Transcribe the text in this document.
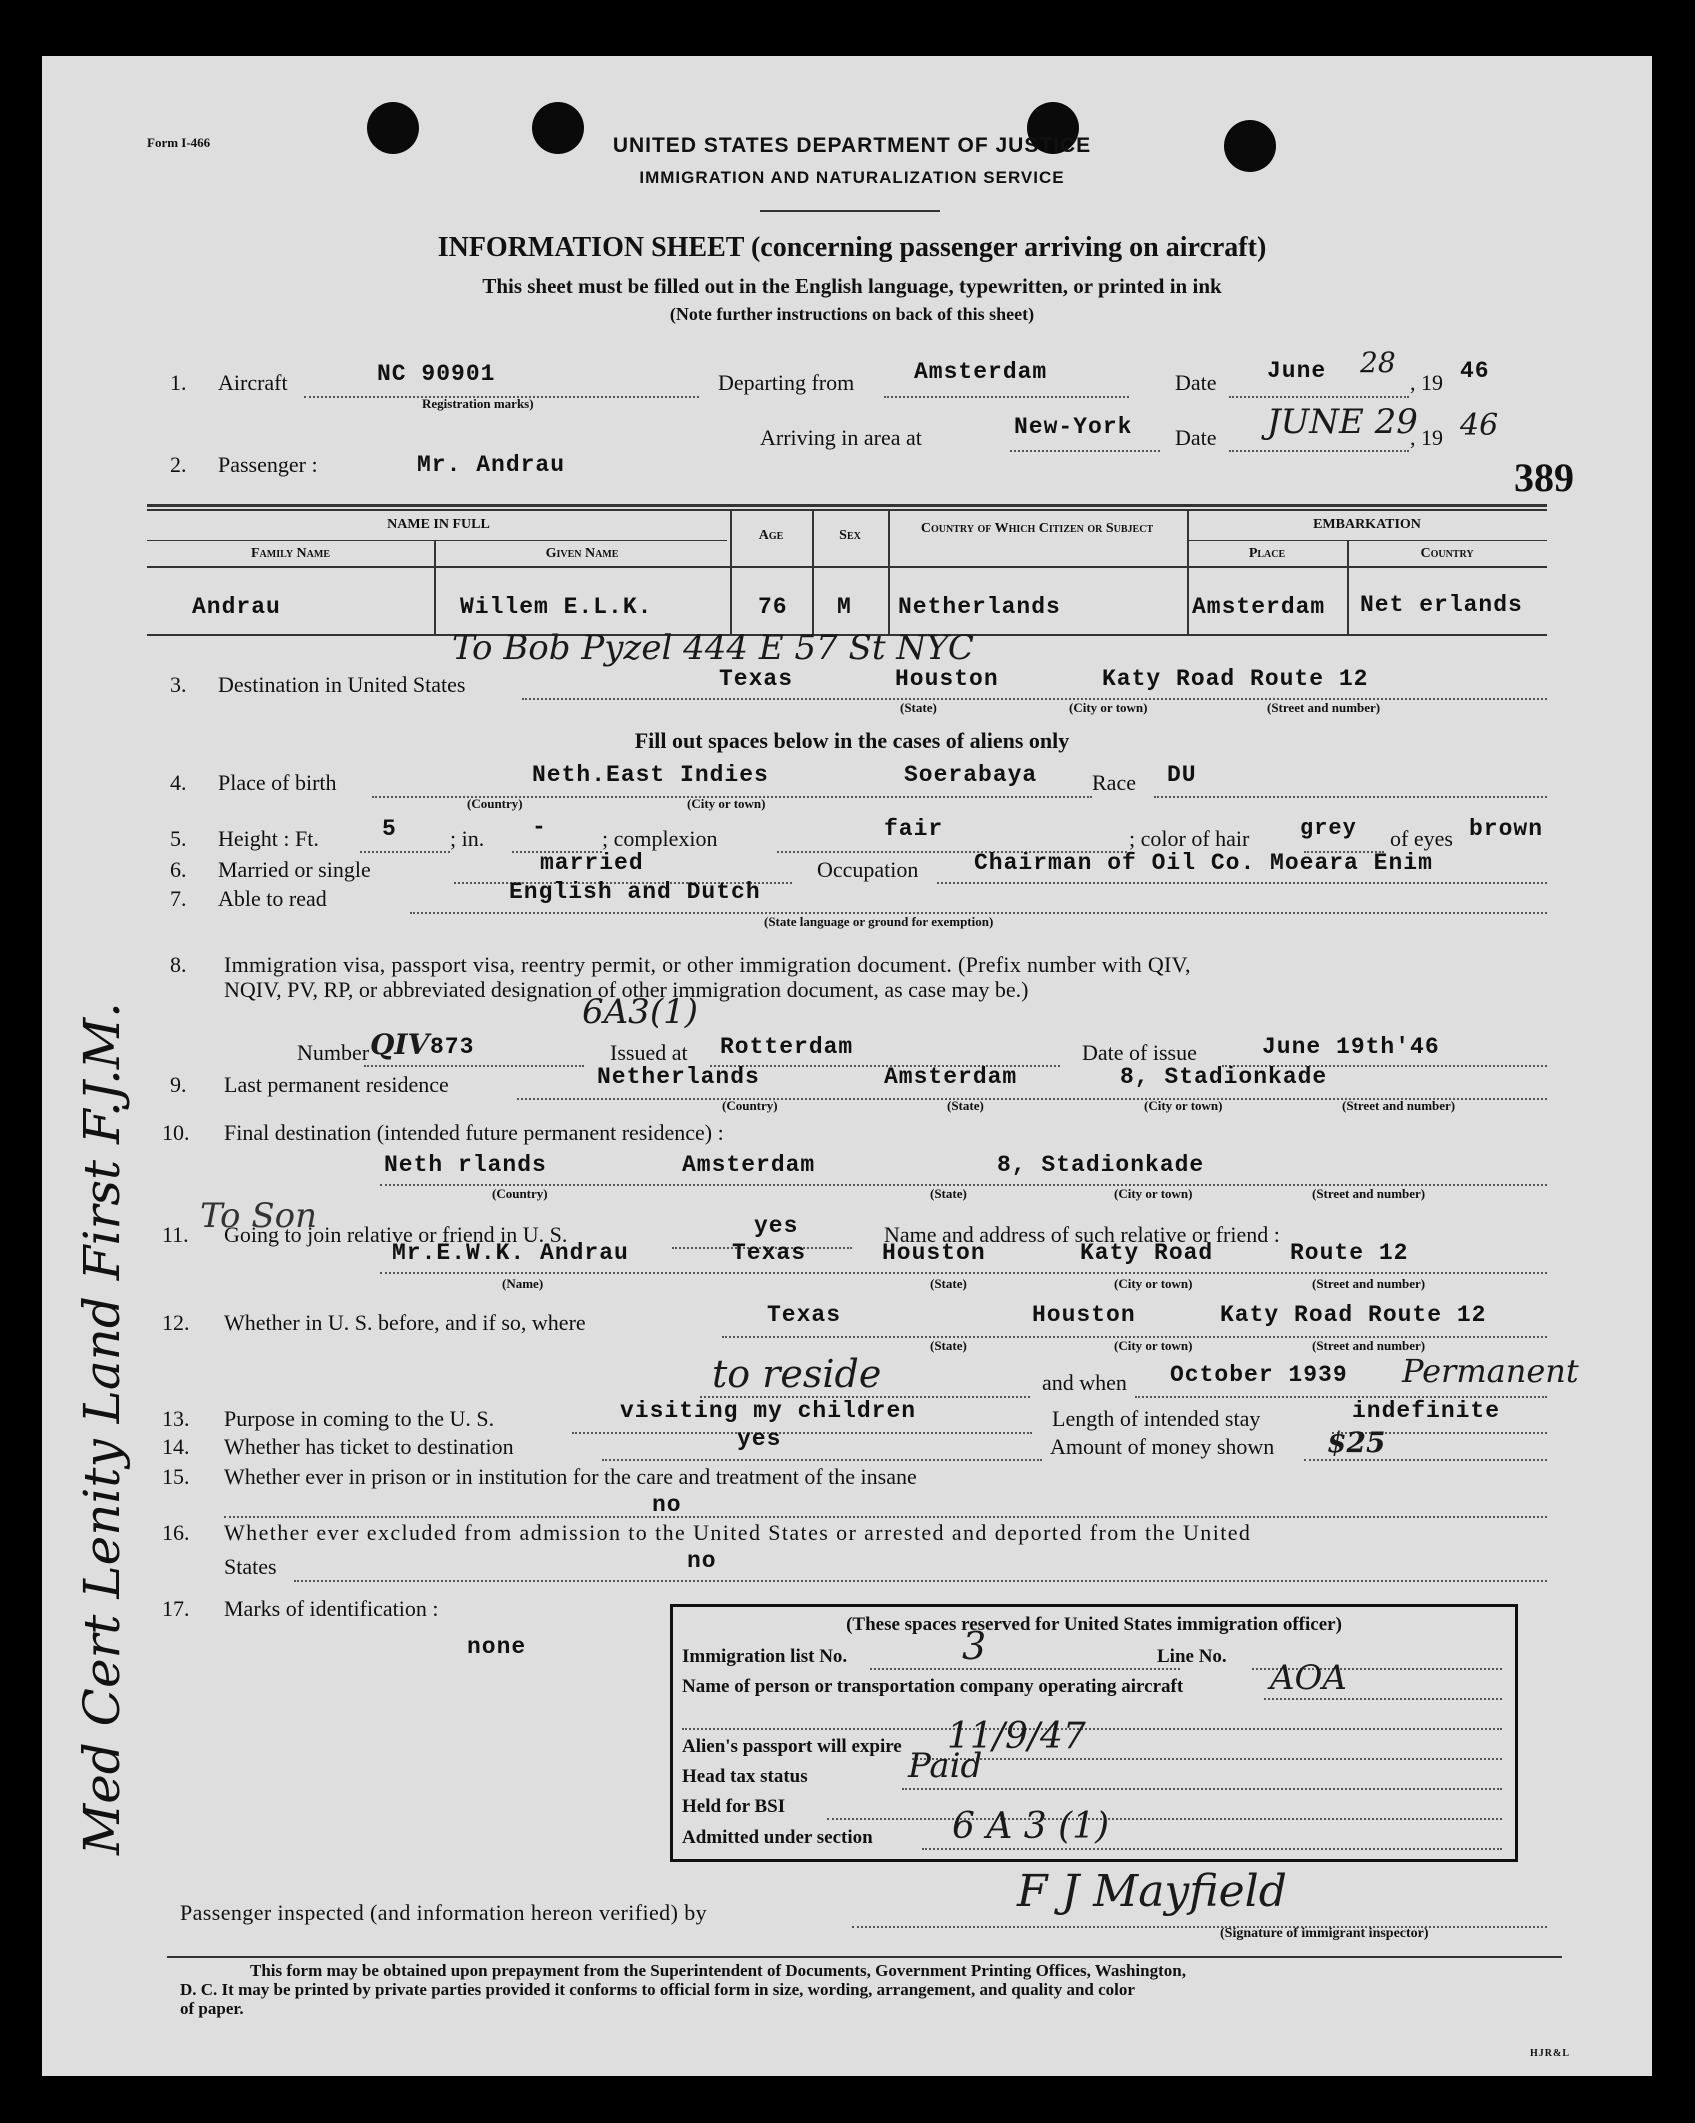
Form I-466	UNITED STATES DEPARTMENT OF JUSTICE
IMMIGRATION AND NATURALIZATION SERVICE
INFORMATION SHEET (concerning passenger arriving on aircraft)
This sheet must be filled out in the English language, typewritten, or printed in ink
(Note further instructions on back of this sheet)
1. Aircraft	NC 90901
Registration marks)
Departing from	Amsterdam	Date June 28
, 19 46
Arriving in area at	New-York Date JUNE 29
, 19 46
2. Passenger :	Mr. Andrau	389
NAME IN FULL
Family Name	Given Name
Age	Sex	Country of Which Citizen or Subject	EMBARKATION
Place	Country
Andrau	Willem E.L.K.	76 M Netherlands	Amsterdam Net erlands
To Bob Pyzel 444 E 57 St NYC
3. Destination in United States	Texas	Houston	Katy Road Route 12
(State)	(City or town)	(Street and number)
Fill out spaces below in the cases of aliens only
4. Place of birth	Neth.East Indies	Soerabaya Race DU
(Country)	(City or town)
5. Height : Ft.	5 ; in. -	; complexion	fair	; color of hair grey of eyes brown
6. Married or single	married	Occupation Chairman of Oil Co. Moeara Enim
7. Able to read	English and Dutch
(State language or ground for exemption)
8. Immigration visa, passport visa, reentry permit, or other immigration document. (Prefix number with QIV,
NQIV, PV, RP, or abbreviated designation of other immigration document, as case may be.)
6A3(1)
Number QIV 873	Issued at Rotterdam	Date of issue	June 19th'46
9. Last permanent residence	Netherlands	Amsterdam	8, Stadionkade
(Country)	(State)	(City or town)	(Street and number)
10. Final destination (intended future permanent residence) :
Neth rlands	Amsterdam	8, Stadionkade
(Country)	(State)	(City or town)	(Street and number)
11. To Son
Going to join relative or friend in U. S.	yes	Name and address of such relative or friend :
Mr.E.W.K. Andrau	Texas	Houston	Katy Road	Route 12
(Name)	(State)	(City or town)	(Street and number)
12. Whether in U. S. before, and if so, where	Texas	Houston	Katy Road Route 12
(State)	(City or town)	(Street and number)
to reside	and when October 1939 Permanent
13. Purpose in coming to the U. S.	visiting my children	Length of intended stay	indefinite
14. Whether has ticket to destination	yes	Amount of money shown $25
15. Whether ever in prison or in institution for the care and treatment of the insane
no
16. Whether ever excluded from admission to the United States or arrested and deported from the United
States	no
17. Marks of identification :
none
(These spaces reserved for United States immigration officer)
Immigration list No.	3	Line No.
Name of person or transportation company operating aircraft	AOA
Alien's passport will expire 11/9/47
Head tax status	Paid
Held for BSI
Admitted under section 6 A 3 (1)
Passenger inspected (and information hereon verified) by	F J Mayfield
(Signature of immigrant inspector)
This form may be obtained upon prepayment from the Superintendent of Documents, Government Printing Offices, Washington,
D. C. It may be printed by private parties provided it conforms to official form in size, wording, arrangement, and quality and color
of paper.
HJR&L
Med Cert Lenity Land First F.J.M.
